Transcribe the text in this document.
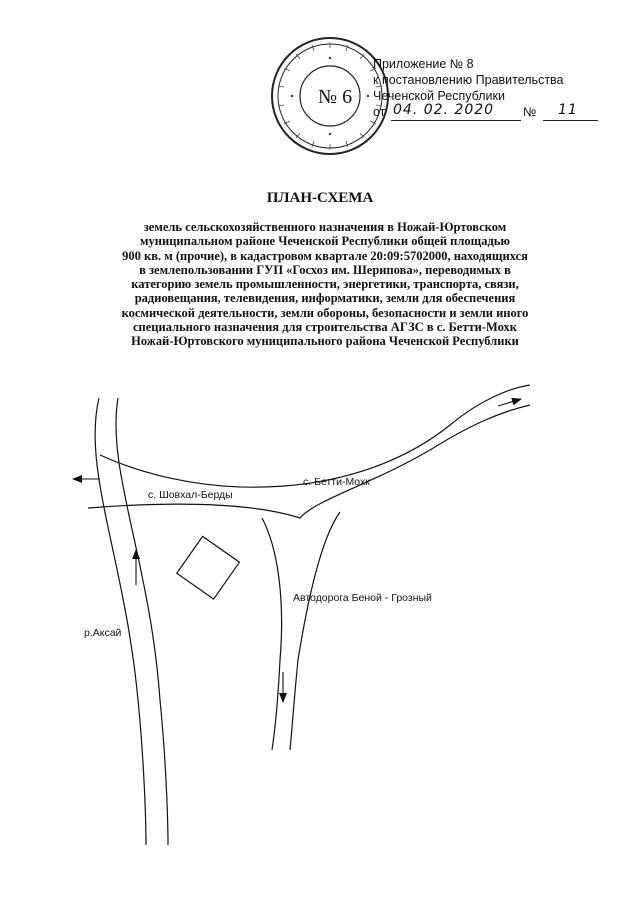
№ 6
Приложение № 8
к постановлению Правительства
Чеченской Республики
от 04. 02. 2020 № 11
ПЛАН-СХЕМА
земель сельскохозяйственного назначения в Ножай-Юртовском
муниципальном районе Чеченской Республики общей площадью
900 кв. м (прочие), в кадастровом квартале 20:09:5702000, находящихся
в землепользовании ГУП «Госхоз им. Шерипова», переводимых в
категорию земель промышленности, энергетики, транспорта, связи,
радиовещания, телевидения, информатики, земли для обеспечения
космической деятельности, земли обороны, безопасности и земли иного
специального назначения для строительства АГЗС в с. Бетти-Мохк
Ножай-Юртовского муниципального района Чеченской Республики
с. Шовхал-Берды
с. Бетти-Мохк
Автодорога Беной - Грозный
р.Аксай
